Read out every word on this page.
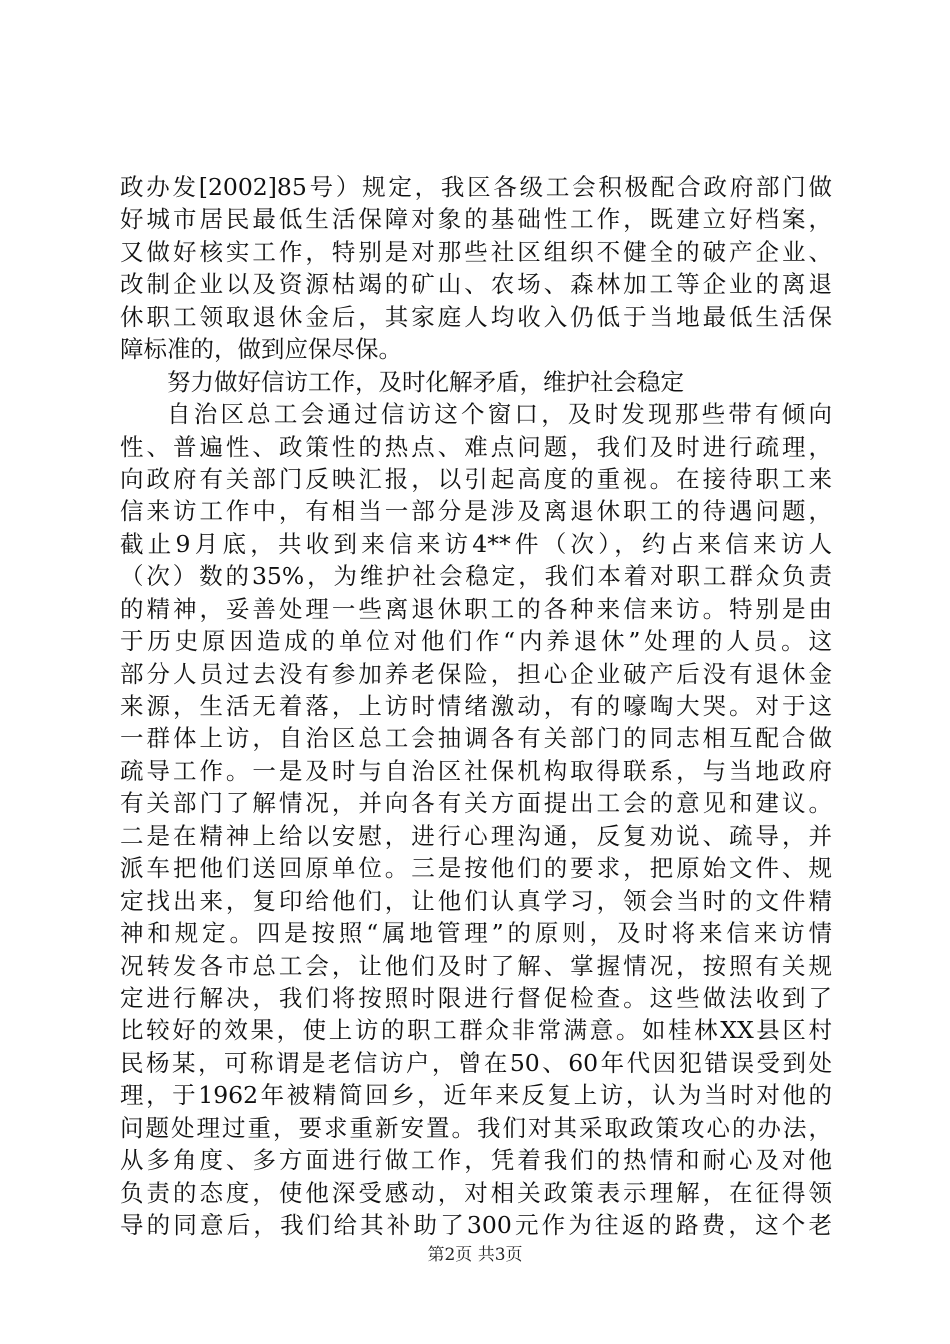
政办发[2002]85号）规定，我区各级工会积极配合政府部门做
好城市居民最低生活保障对象的基础性工作，既建立好档案，
又做好核实工作，特别是对那些社区组织不健全的破产企业、
改制企业以及资源枯竭的矿山、农场、森林加工等企业的离退
休职工领取退休金后，其家庭人均收入仍低于当地最低生活保
障标准的，做到应保尽保。
努力做好信访工作，及时化解矛盾，维护社会稳定
自治区总工会通过信访这个窗口，及时发现那些带有倾向
性、普遍性、政策性的热点、难点问题，我们及时进行疏理，
向政府有关部门反映汇报，以引起高度的重视。在接待职工来
信来访工作中，有相当一部分是涉及离退休职工的待遇问题，
截止9月底，共收到来信来访4**件（次），约占来信来访人
（次）数的35%，为维护社会稳定，我们本着对职工群众负责
的精神，妥善处理一些离退休职工的各种来信来访。特别是由
于历史原因造成的单位对他们作“内养退休”处理的人员。这
部分人员过去没有参加养老保险，担心企业破产后没有退休金
来源，生活无着落，上访时情绪激动，有的嚎啕大哭。对于这
一群体上访，自治区总工会抽调各有关部门的同志相互配合做
疏导工作。一是及时与自治区社保机构取得联系，与当地政府
有关部门了解情况，并向各有关方面提出工会的意见和建议。
二是在精神上给以安慰，进行心理沟通，反复劝说、疏导，并
派车把他们送回原单位。三是按他们的要求，把原始文件、规
定找出来，复印给他们，让他们认真学习，领会当时的文件精
神和规定。四是按照“属地管理”的原则，及时将来信来访情
况转发各市总工会，让他们及时了解、掌握情况，按照有关规
定进行解决，我们将按照时限进行督促检查。这些做法收到了
比较好的效果，使上访的职工群众非常满意。如桂林XX县区村
民杨某，可称谓是老信访户，曾在50、60年代因犯错误受到处
理，于1962年被精简回乡，近年来反复上访，认为当时对他的
问题处理过重，要求重新安置。我们对其采取政策攻心的办法，
从多角度、多方面进行做工作，凭着我们的热情和耐心及对他
负责的态度，使他深受感动，对相关政策表示理解，在征得领
导的同意后，我们给其补助了300元作为往返的路费，这个老
第2页 共3页
